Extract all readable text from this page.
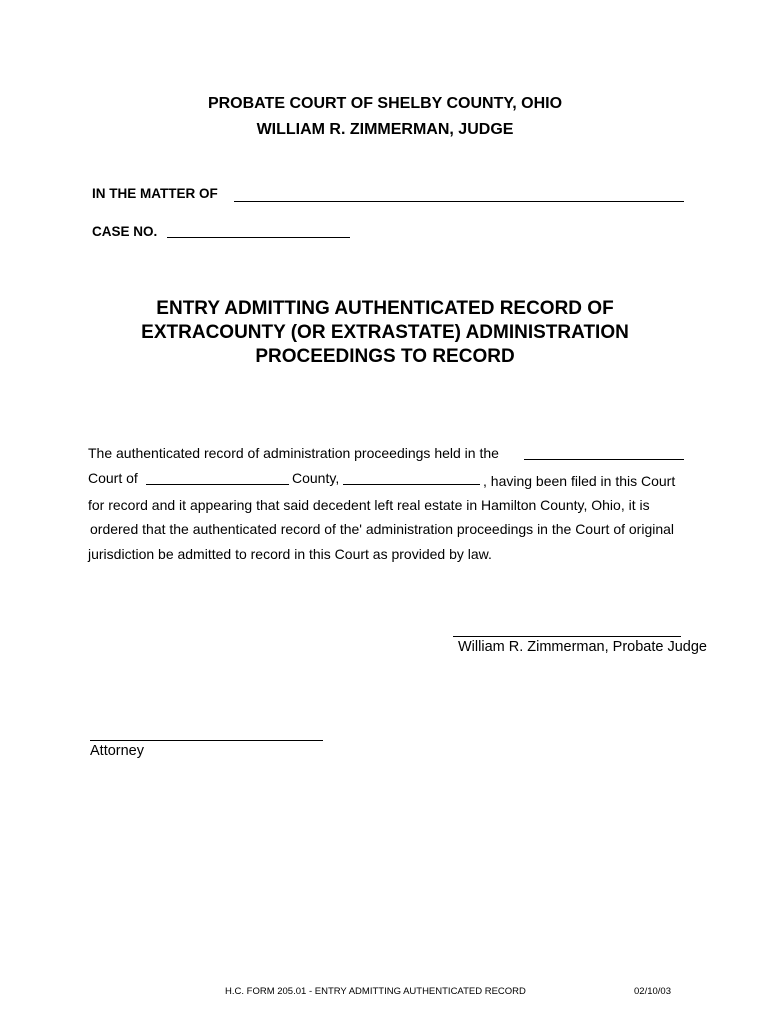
PROBATE COURT OF SHELBY COUNTY, OHIO
WILLIAM R. ZIMMERMAN, JUDGE
IN THE MATTER OF
CASE NO.
ENTRY ADMITTING AUTHENTICATED RECORD OF
EXTRACOUNTY (OR EXTRASTATE) ADMINISTRATION
PROCEEDINGS TO RECORD
The authenticated record of administration proceedings held in the
Court of	County,	, having been filed in this Court
for record and it appearing that said decedent left real estate in Hamilton County, Ohio, it is
ordered that the authenticated record of the' administration proceedings in the Court of original
jurisdiction be admitted to record in this Court as provided by law.
William R. Zimmerman, Probate Judge
Attorney
H.C. FORM 205.01 - ENTRY ADMITTING AUTHENTICATED RECORD	02/10/03
